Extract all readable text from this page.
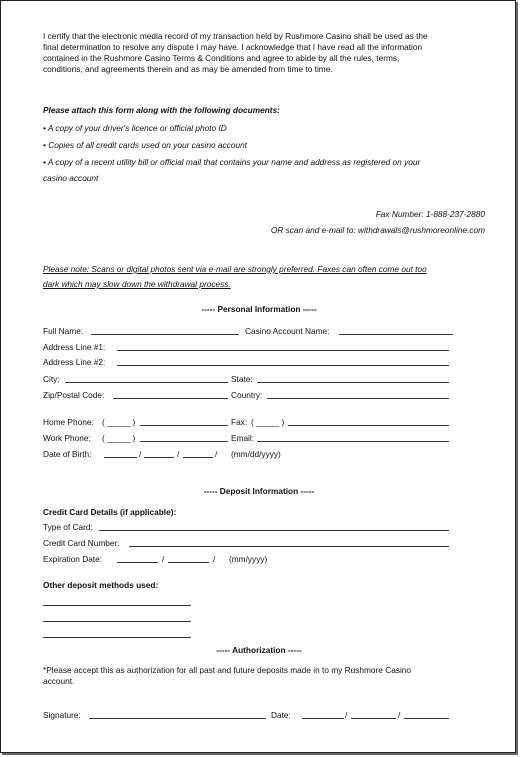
I certify that the electronic media record of my transaction held by Rushmore Casino shall be used as the
final determination to resolve any dispute I may have. I acknowledge that I have read all the information
contained in the Rushmore Casino Terms & Conditions and agree to abide by all the rules, terms,
conditions, and agreements therein and as may be amended from time to time.
Please attach this form along with the following documents:
• A copy of your driver's licence or official photo ID
• Copies of all credit cards used on your casino account
• A copy of a recent utility bill or official mail that contains your name and address as registered on your
casino account
Fax Number: 1-888-237-2880
OR scan and e-mail to: withdrawals@rushmoreonline.com
Please note: Scans or digital photos sent via e-mail are strongly preferred. Faxes can often come out too
dark which may slow down the withdrawal process.
----- Personal Information -----
Full Name:	Casino Account Name:
Address Line #1:
Address Line #2:
City:	State:
Zip/Postal Code:	Country:
Home Phone: ( _____ )	Fax: ( _____ )
Work Phone: ( _____ )	Email:
Date of Birth:	/	/	/ (mm/dd/yyyy)
----- Deposit Information -----
Credit Card Details (if applicable):
Type of Card:
Credit Card Number:
Expiration Date:	/	/ (mm/yyyy)
Other deposit methods used:
----- Authorization -----
*Please accept this as authorization for all past and future deposits made in to my Rushmore Casino
account.
Signature:	Date:	/	/
